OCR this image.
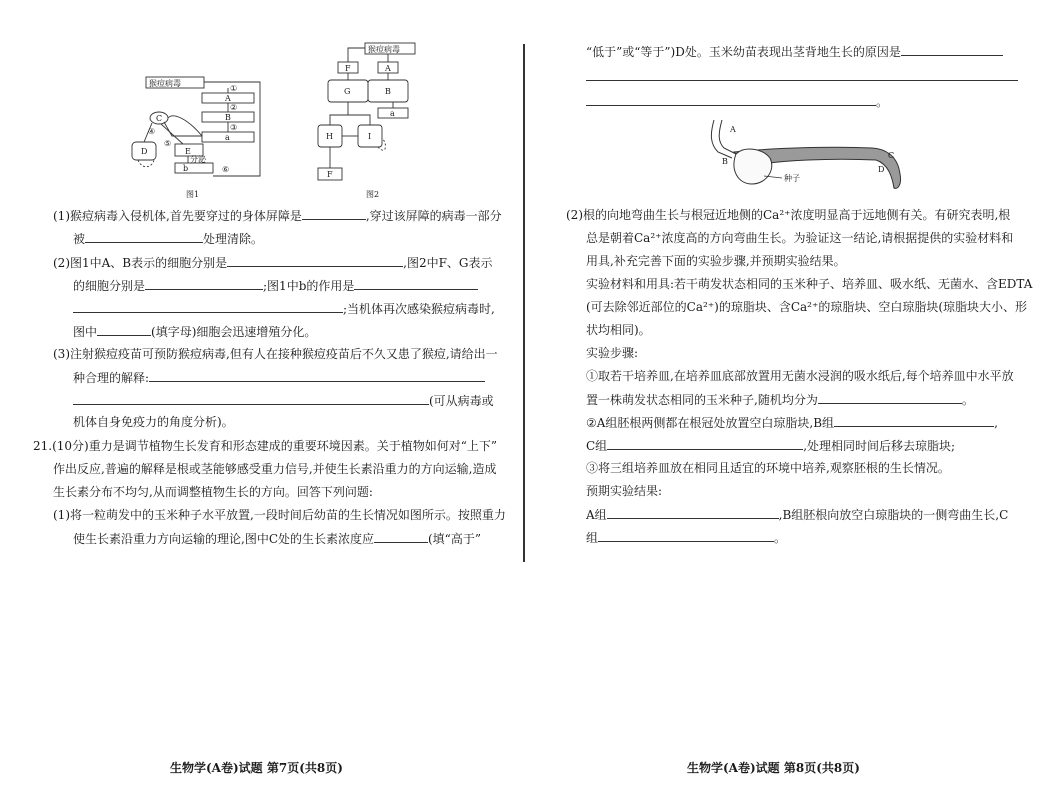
猴痘病毒
A
B
a
C
D	E
b
①
②
③
④
⑤
⑥
分泌
图1
猴痘病毒
F	A
G	B
a
H	I
F
图2
(1)猴痘病毒入侵机体,首先要穿过的身体屏障是	,穿过该屏障的病毒一部分
被	处理清除。
(2)图1中A、B表示的细胞分别是	,图2中F、G表示
的细胞分别是	;图1中b的作用是
;当机体再次感染猴痘病毒时,
图中	(填字母)细胞会迅速增殖分化。
(3)注射猴痘疫苗可预防猴痘病毒,但有人在接种猴痘疫苗后不久又患了猴痘,请给出一
种合理的解释:
(可从病毒或
机体自身免疫力的角度分析)。
21.(10分)重力是调节植物生长发育和形态建成的重要环境因素。关于植物如何对“上下”
作出反应,普遍的解释是根或茎能够感受重力信号,并使生长素沿重力的方向运输,造成
生长素分布不均匀,从而调整植物生长的方向。回答下列问题:
(1)将一粒萌发中的玉米种子水平放置,一段时间后幼苗的生长情况如图所示。按照重力
使生长素沿重力方向运输的理论,图中C处的生长素浓度应	(填“高于”
生物学(A卷)试题 第7页(共8页)
“低于”或“等于”)D处。玉米幼苗表现出茎背地生长的原因是
。
A
B
C
D
种子
(2)根的向地弯曲生长与根冠近地侧的Ca²⁺浓度明显高于远地侧有关。有研究表明,根
总是朝着Ca²⁺浓度高的方向弯曲生长。为验证这一结论,请根据提供的实验材料和
用具,补充完善下面的实验步骤,并预期实验结果。
实验材料和用具:若干萌发状态相同的玉米种子、培养皿、吸水纸、无菌水、含EDTA
(可去除邻近部位的Ca²⁺)的琼脂块、含Ca²⁺的琼脂块、空白琼脂块(琼脂块大小、形
状均相同)。
实验步骤:
①取若干培养皿,在培养皿底部放置用无菌水浸润的吸水纸后,每个培养皿中水平放
置一株萌发状态相同的玉米种子,随机均分为	。
②A组胚根两侧都在根冠处放置空白琼脂块,B组	,
C组	,处理相同时间后移去琼脂块;
③将三组培养皿放在相同且适宜的环境中培养,观察胚根的生长情况。
预期实验结果:
A组	,B组胚根向放空白琼脂块的一侧弯曲生长,C
组	。
生物学(A卷)试题 第8页(共8页)
